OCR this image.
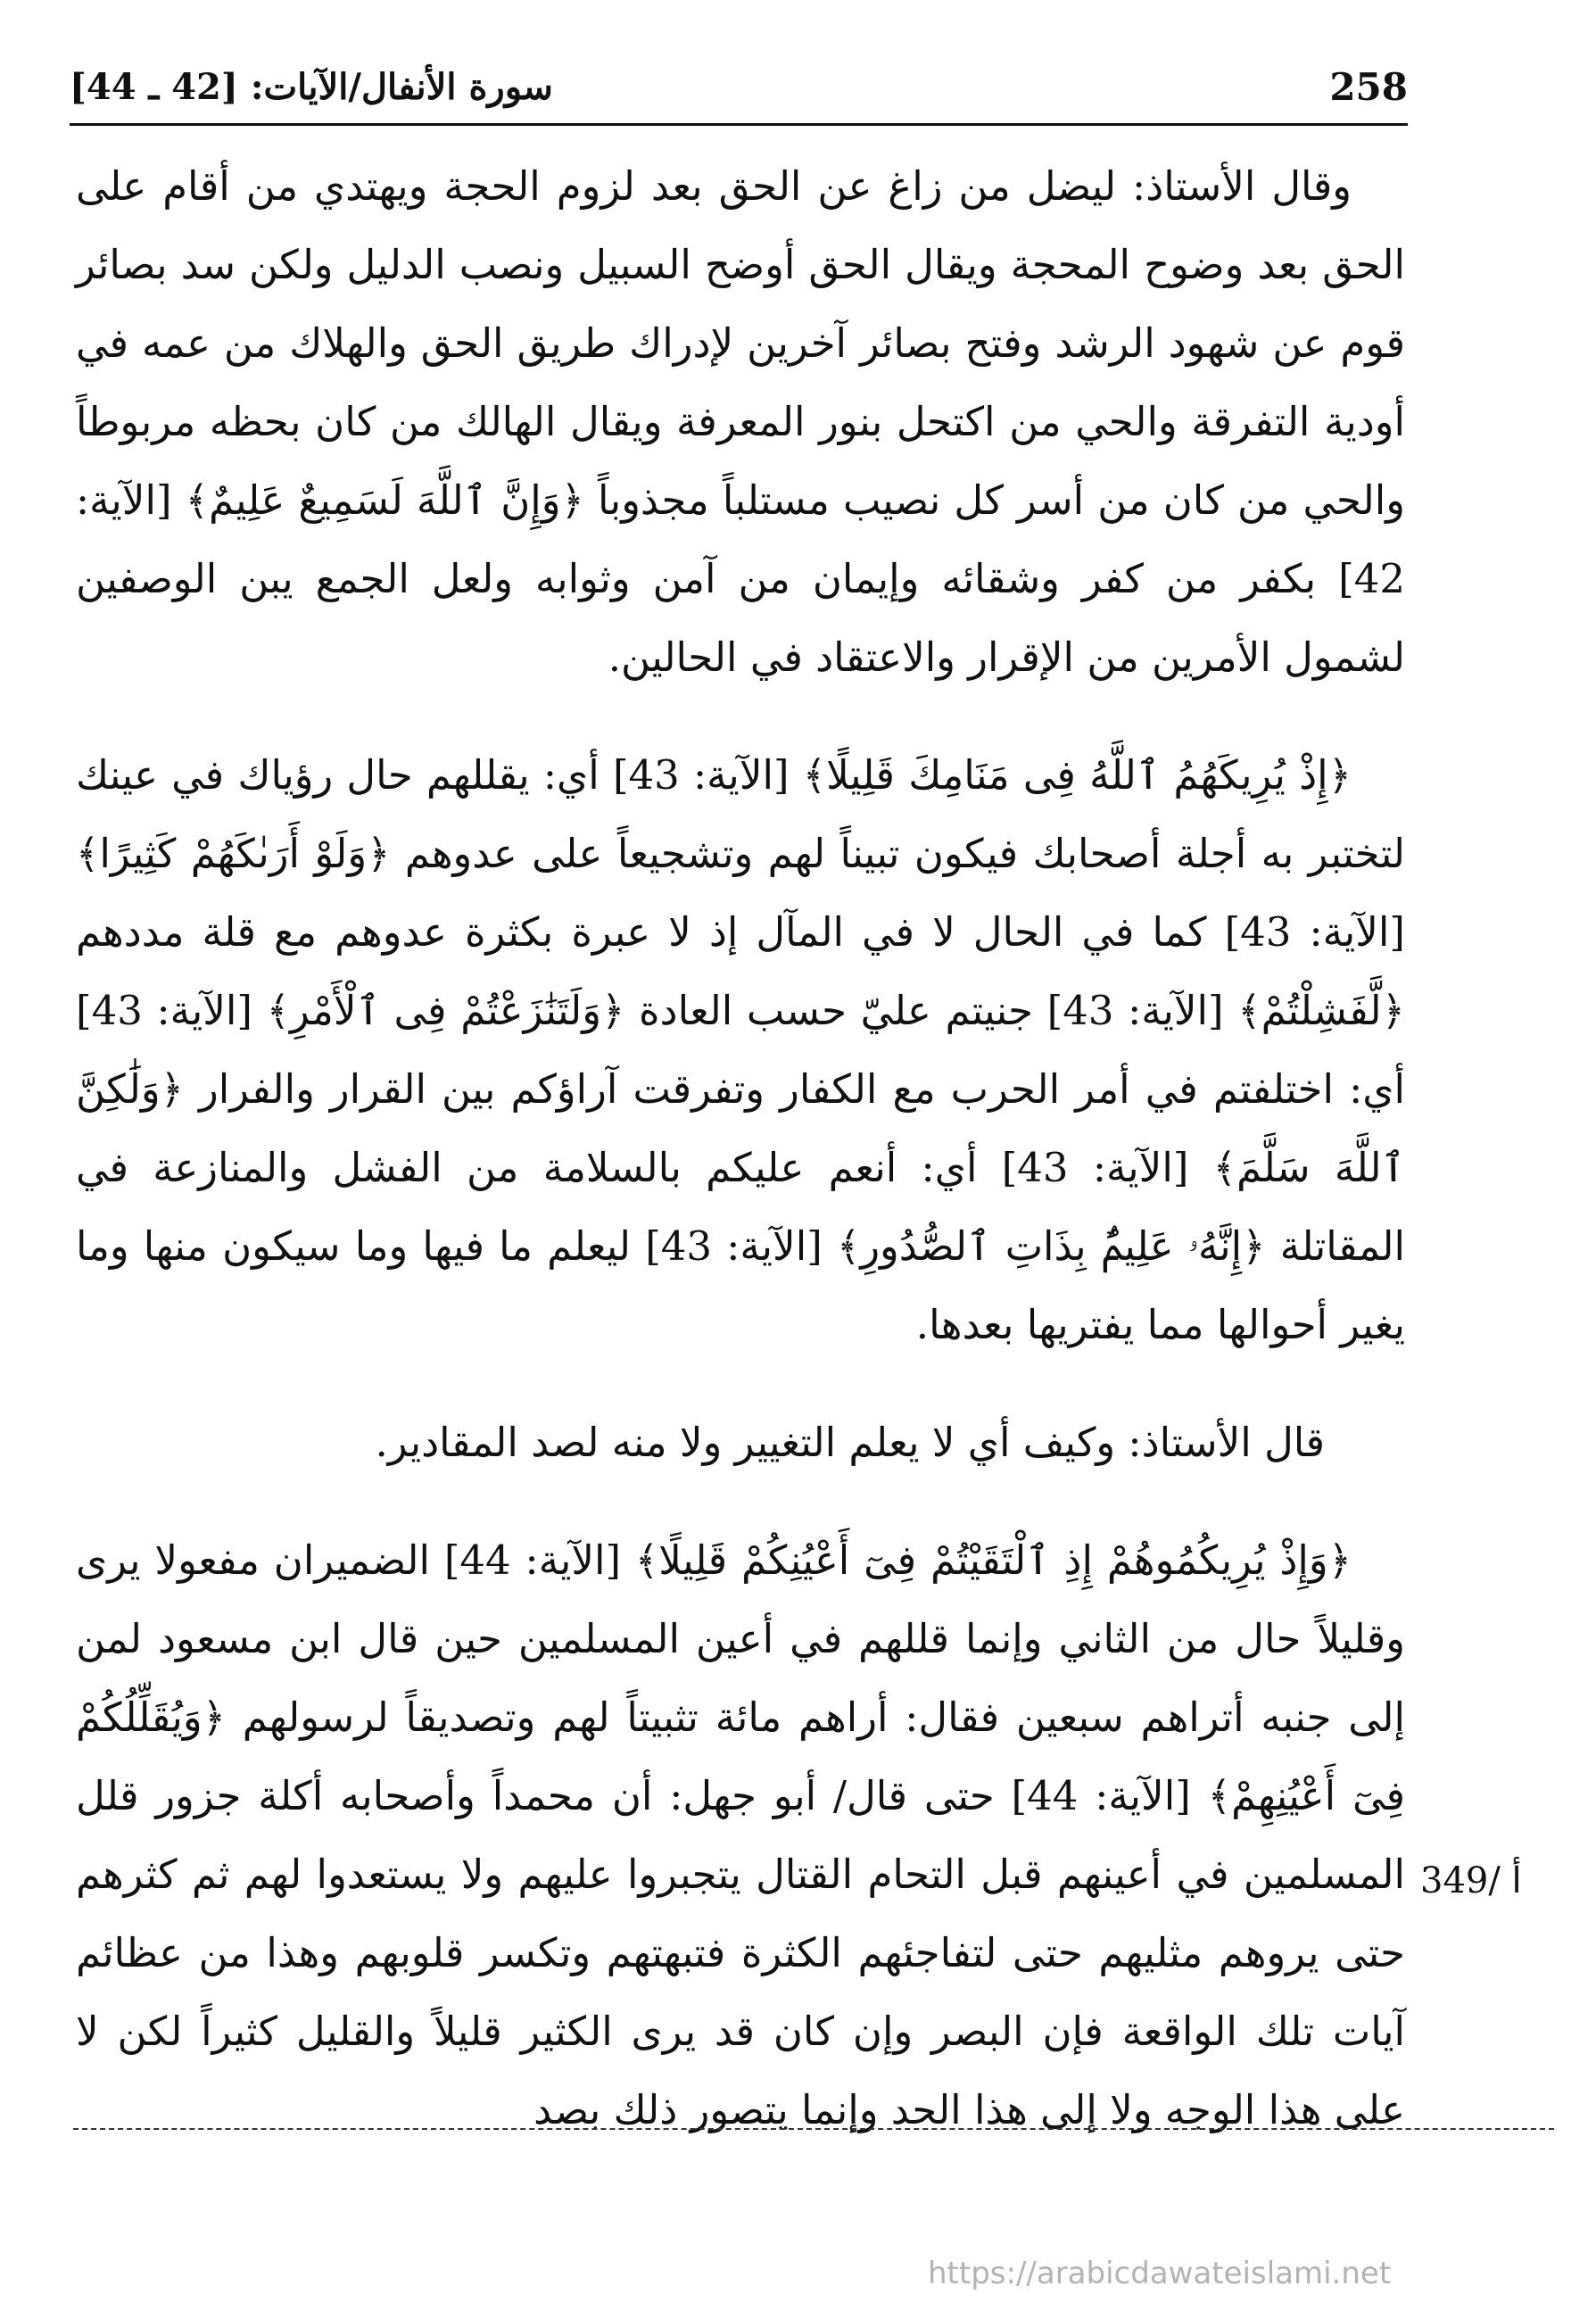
258
سورة الأنفال/الآيات: [42 ـ 44]

وقال الأستاذ: ليضل من زاغ عن الحق بعد لزوم الحجة ويهتدي من أقام على الحق بعد وضوح المحجة ويقال الحق أوضح السبيل ونصب الدليل ولكن سد بصائر قوم عن شهود الرشد وفتح بصائر آخرين لإدراك طريق الحق والهلاك من عمه في أودية التفرقة والحي من اكتحل بنور المعرفة ويقال الهالك من كان بحظه مربوطاً والحي من كان من أسر كل نصيب مستلباً مجذوباً ﴿وَإِنَّ ٱللَّهَ لَسَمِيعٌ عَلِيمٌ﴾ [الآية: 42] بكفر من كفر وشقائه وإيمان من آمن وثوابه ولعل الجمع يبن الوصفين لشمول الأمرين من الإقرار والاعتقاد في الحالين.

﴿إِذْ يُرِيكَهُمُ ٱللَّهُ فِى مَنَامِكَ قَلِيلًا﴾ [الآية: 43] أي: يقللهم حال رؤياك في عينك لتختبر به أجلة أصحابك فيكون تبيناً لهم وتشجيعاً على عدوهم ﴿وَلَوْ أَرَىٰكَهُمْ كَثِيرًا﴾ [الآية: 43] كما في الحال لا في المآل إذ لا عبرة بكثرة عدوهم مع قلة مددهم ﴿لَّفَشِلْتُمْ﴾ [الآية: 43] جنيتم عليّ حسب العادة ﴿وَلَتَنَٰزَعْتُمْ فِى ٱلْأَمْرِ﴾ [الآية: 43] أي: اختلفتم في أمر الحرب مع الكفار وتفرقت آراؤكم بين القرار والفرار ﴿وَلَٰكِنَّ ٱللَّهَ سَلَّمَ﴾ [الآية: 43] أي: أنعم عليكم بالسلامة من الفشل والمنازعة في المقاتلة ﴿إِنَّهُۥ عَلِيمٌۢ بِذَاتِ ٱلصُّدُورِ﴾ [الآية: 43] ليعلم ما فيها وما سيكون منها وما يغير أحوالها مما يفتريها بعدها.

قال الأستاذ: وكيف أي لا يعلم التغيير ولا منه لصد المقادير.

﴿وَإِذْ يُرِيكُمُوهُمْ إِذِ ٱلْتَقَيْتُمْ فِىٓ أَعْيُنِكُمْ قَلِيلًا﴾ [الآية: 44] الضميران مفعولا يرى وقليلاً حال من الثاني وإنما قللهم في أعين المسلمين حين قال ابن مسعود لمن إلى جنبه أتراهم سبعين فقال: أراهم مائة تثبيتاً لهم وتصديقاً لرسولهم ﴿وَيُقَلِّلُكُمْ فِىٓ أَعْيُنِهِمْ﴾ [الآية: 44] حتى قال/ أبو جهل: أن محمداً وأصحابه أكلة جزور قلل المسلمين في أعينهم قبل التحام القتال يتجبروا عليهم ولا يستعدوا لهم ثم كثرهم حتى يروهم مثليهم حتى لتفاجئهم الكثرة فتبهتهم وتكسر قلوبهم وهذا من عظائم آيات تلك الواقعة فإن البصر وإن كان قد يرى الكثير قليلاً والقليل كثيراً لكن لا على هذا الوجه ولا إلى هذا الحد وإنما يتصور ذلك بصد

349/ أ
https://arabicdawateislami.net
